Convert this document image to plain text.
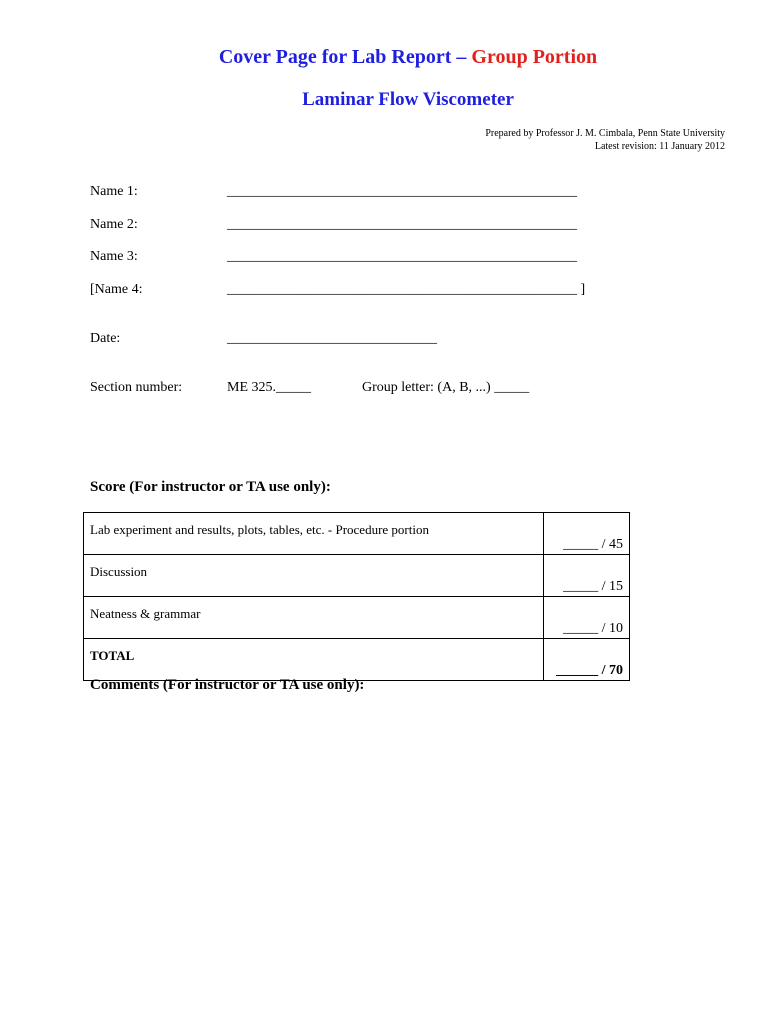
Cover Page for Lab Report – Group Portion
Laminar Flow Viscometer
Prepared by Professor J. M. Cimbala, Penn State University
Latest revision: 11 January 2012
Name 1:	__________________________________________________
Name 2:	__________________________________________________
Name 3:	__________________________________________________
[Name 4:	__________________________________________________ ]
Date:	______________________________
Section number:	ME 325._____	Group letter: (A, B, ...) _____
Score (For instructor or TA use only):
Lab experiment and results, plots, tables, etc. - Procedure portion	_____ / 45
Discussion	_____ / 15
Neatness & grammar	_____ / 10
TOTAL	______ / 70
Comments (For instructor or TA use only):
